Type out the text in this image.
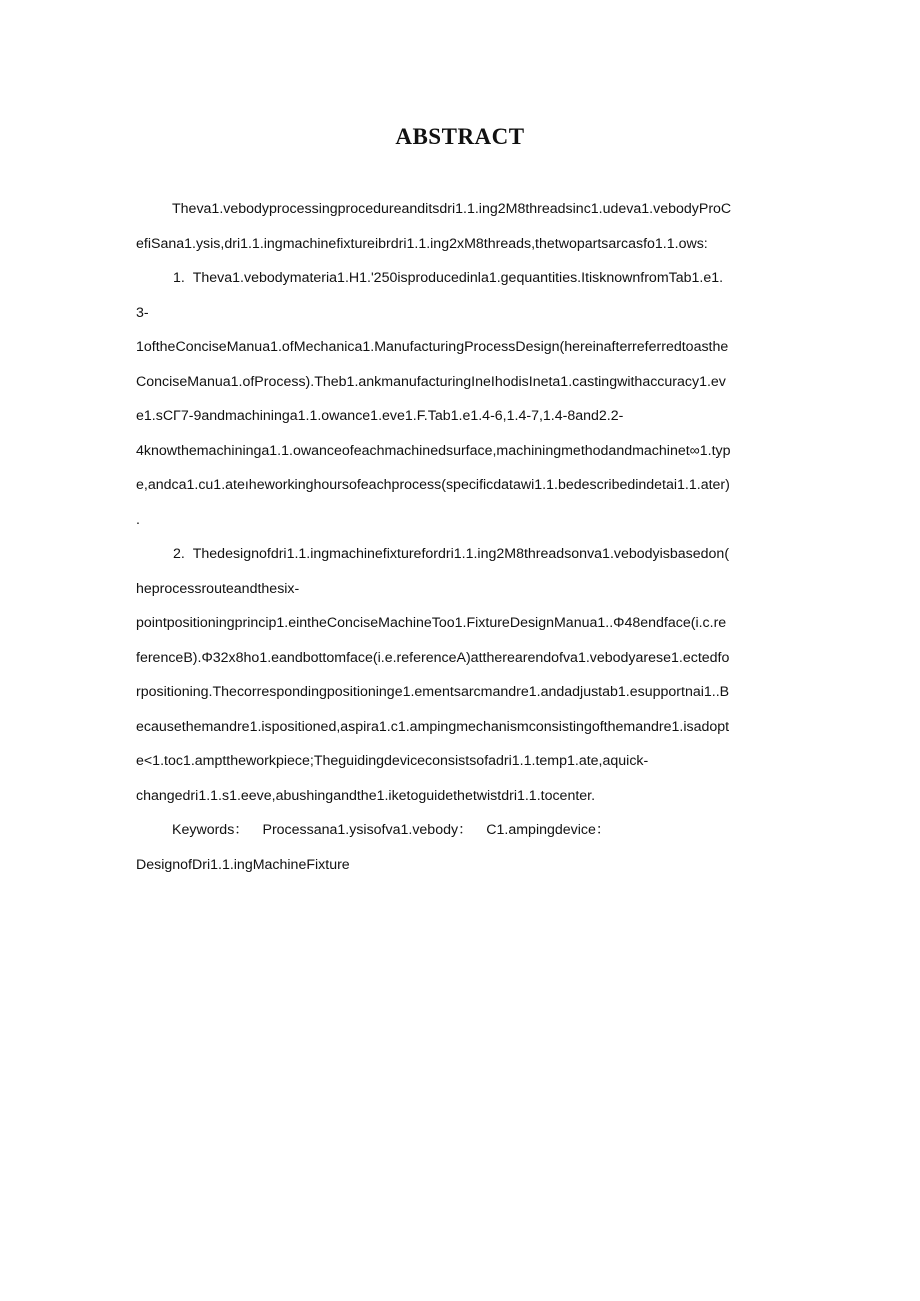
ABSTRACT
Theva1.vebodyprocessingprocedureanditsdri1.1.ing2M8threadsinc1.udeva1.vebodyProC
efiSana1.ysis,dri1.1.ingmachinefixtureibrdri1.1.ing2xM8threads,thetwopartsarcasfo1.1.ows:
1. Theva1.vebodymateria1.H1.'250isproducedinla1.gequantities.ItisknownfromTab1.e1.
3-
1oftheConciseManua1.ofMechanica1.ManufacturingProcessDesign(hereinafterreferredtoasthe
ConciseManua1.ofProcess).Theb1.ankmanufacturingIneIhodisIneta1.castingwithaccuracy1.ev
e1.sCΓ7-9andmachininga1.1.owance1.eve1.F.Tab1.e1.4-6,1.4-7,1.4-8and2.2-
4knowthemachininga1.1.owanceofeachmachinedsurface,machiningmethodandmachinet∞1.typ
e,andca1.cu1.ateıheworkinghoursofeachprocess(specificdatawi1.1.bedescribedindetai1.1.ater)
.
2. Thedesignofdri1.1.ingmachinefixturefordri1.1.ing2M8threadsonva1.vebodyisbasedon(
heprocessrouteandthesix-
pointpositioningprincip1.eintheConciseMachineToo1.FixtureDesignManua1..Φ48endface(i.c.re
ferenceB).Φ32x8ho1.eandbottomface(i.e.referenceA)attherearendofva1.vebodyarese1.ectedfo
rpositioning.Thecorrespondingpositioninge1.ementsarcmandre1.andadjustab1.esupportnai1..B
ecausethemandre1.ispositioned,aspira1.c1.ampingmechanismconsistingofthemandre1.isadopt
e<1.toc1.ampttheworkpiece;Theguidingdeviceconsistsofadri1.1.temp1.ate,aquick-
changedri1.1.s1.eeve,abushingandthe1.iketoguidethetwistdri1.1.tocenter.
Keywords： Processana1.ysisofva1.vebody： C1.ampingdevice：
DesignofDri1.1.ingMachineFixture
